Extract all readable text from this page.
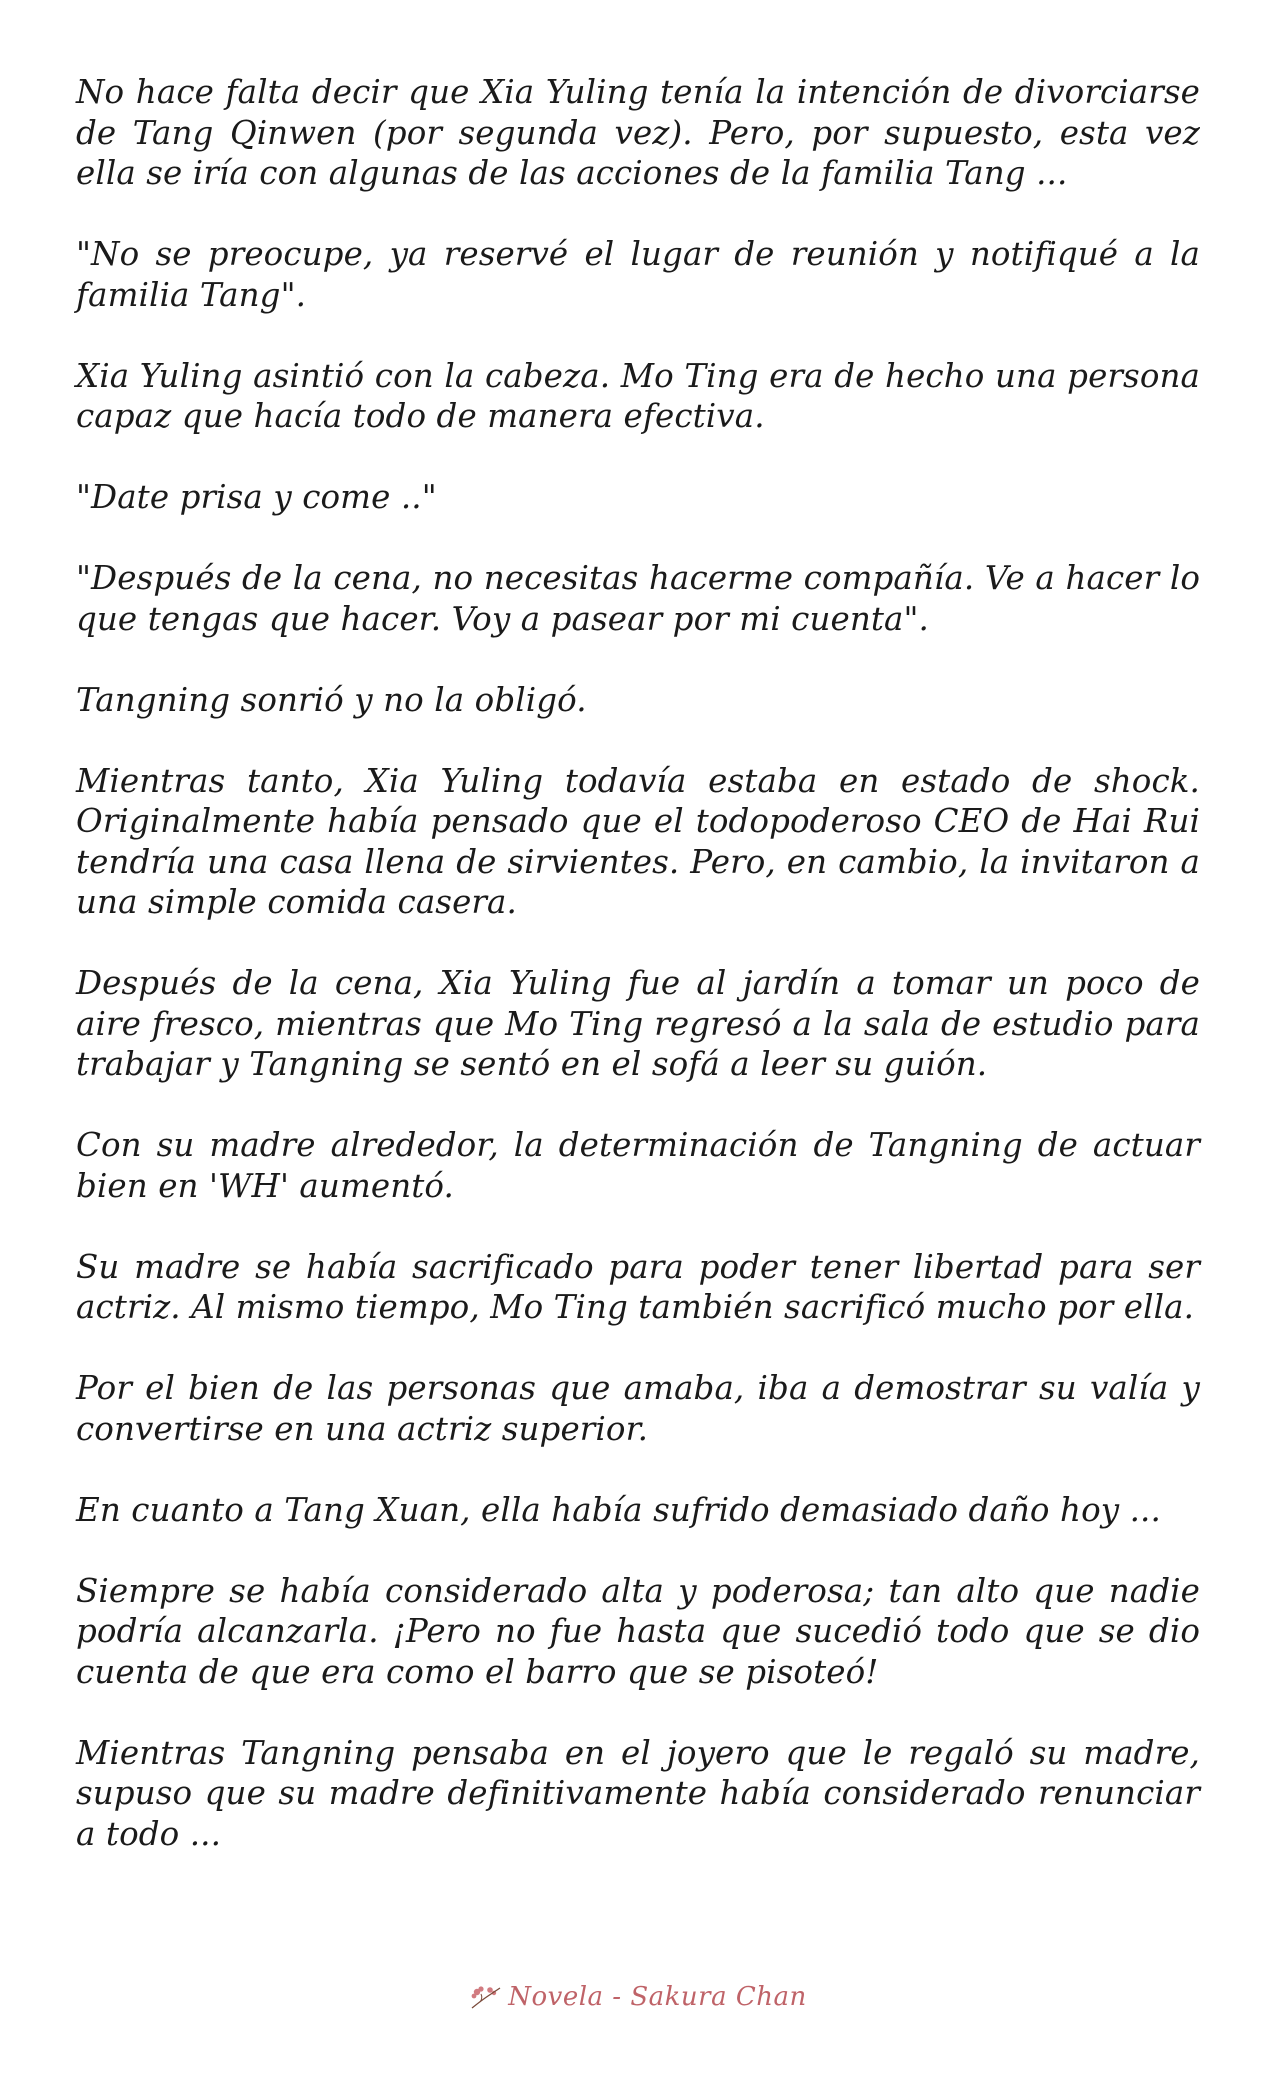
No hace falta decir que Xia Yuling tenía la intención de divorciarse de Tang Qinwen (por segunda vez). Pero, por supuesto, esta vez ella se iría con algunas de las acciones de la familia Tang ...

"No se preocupe, ya reservé el lugar de reunión y notifiqué a la familia Tang".

Xia Yuling asintió con la cabeza. Mo Ting era de hecho una persona capaz que hacía todo de manera efectiva.

"Date prisa y come .."

"Después de la cena, no necesitas hacerme compañía. Ve a hacer lo que tengas que hacer. Voy a pasear por mi cuenta".

Tangning sonrió y no la obligó.

Mientras tanto, Xia Yuling todavía estaba en estado de shock. Originalmente había pensado que el todopoderoso CEO de Hai Rui tendría una casa llena de sirvientes. Pero, en cambio, la invitaron a una simple comida casera.

Después de la cena, Xia Yuling fue al jardín a tomar un poco de aire fresco, mientras que Mo Ting regresó a la sala de estudio para trabajar y Tangning se sentó en el sofá a leer su guión.

Con su madre alrededor, la determinación de Tangning de actuar bien en 'WH' aumentó.

Su madre se había sacrificado para poder tener libertad para ser actriz. Al mismo tiempo, Mo Ting también sacrificó mucho por ella.

Por el bien de las personas que amaba, iba a demostrar su valía y convertirse en una actriz superior.

En cuanto a Tang Xuan, ella había sufrido demasiado daño hoy ...

Siempre se había considerado alta y poderosa; tan alto que nadie podría alcanzarla. ¡Pero no fue hasta que sucedió todo que se dio cuenta de que era como el barro que se pisoteó!

Mientras Tangning pensaba en el joyero que le regaló su madre, supuso que su madre definitivamente había considerado renunciar a todo ...

Novela - Sakura Chan
